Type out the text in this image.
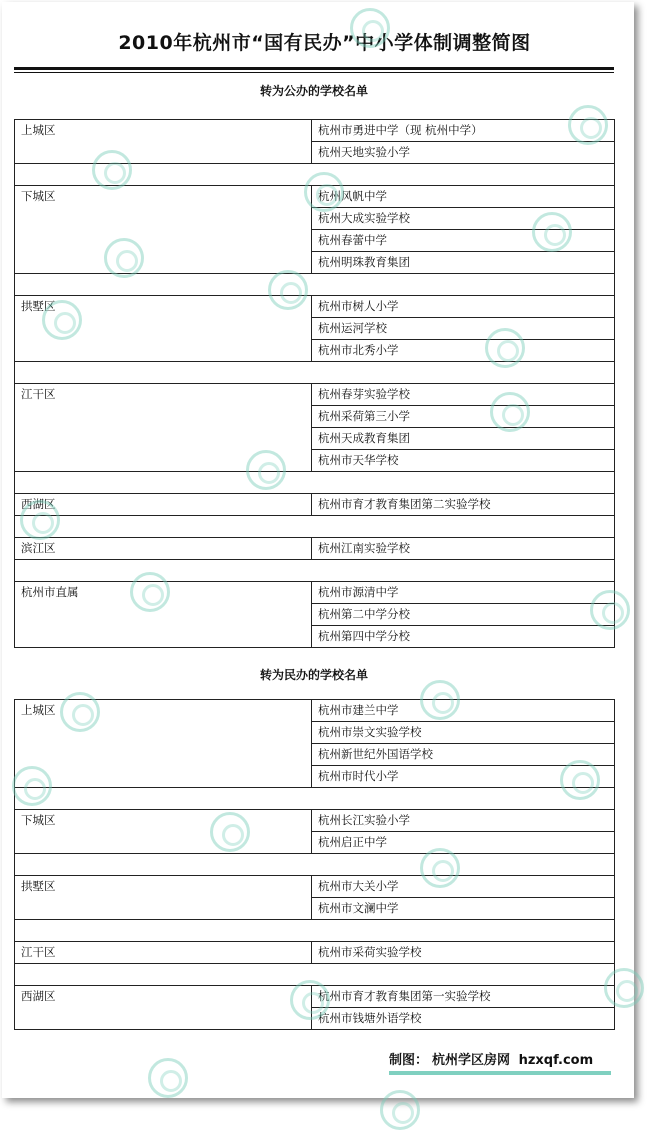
2010年杭州市“国有民办”中小学体制调整简图
转为公办的学校名单
上城区	杭州市勇进中学（现 杭州中学）
	杭州天地实验小学

下城区	杭州风帆中学
	杭州大成实验学校
	杭州春蕾中学
	杭州明珠教育集团

拱墅区	杭州市树人小学
	杭州运河学校
	杭州市北秀小学

江干区	杭州春芽实验学校
	杭州采荷第三小学
	杭州天成教育集团
	杭州市天华学校

西湖区	杭州市育才教育集团第二实验学校

滨江区	杭州江南实验学校

杭州市直属	杭州市源清中学
	杭州第二中学分校
	杭州第四中学分校
转为民办的学校名单
上城区	杭州市建兰中学
	杭州市崇文实验学校
	杭州新世纪外国语学校
	杭州市时代小学

下城区	杭州长江实验小学
	杭州启正中学

拱墅区	杭州市大关小学
	杭州市文澜中学

江干区	杭州市采荷实验学校

西湖区	杭州市育才教育集团第一实验学校
	杭州市钱塘外语学校
制图： 杭州学区房网 hzxqf.com
